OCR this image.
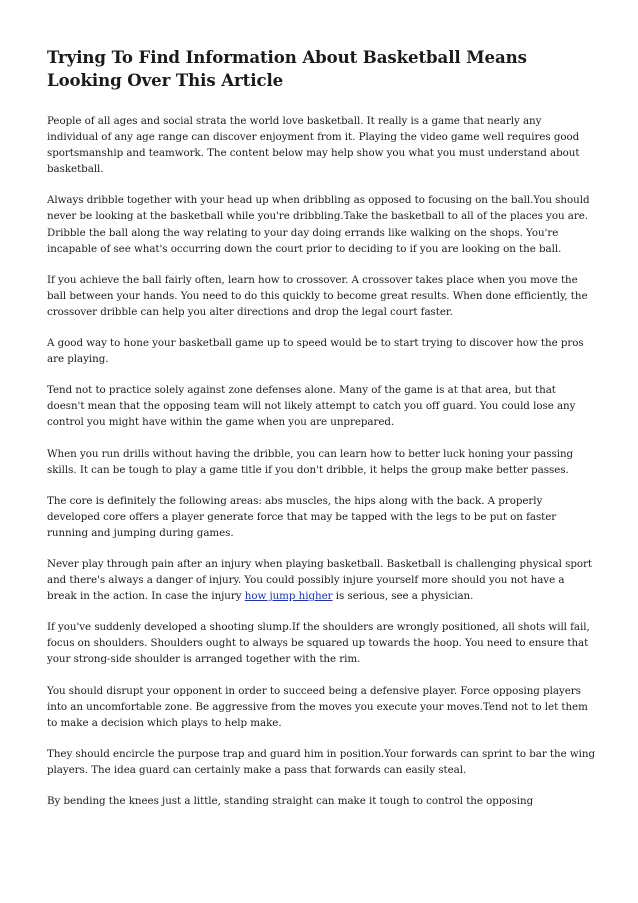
Trying To Find Information About Basketball Means Looking Over This Article

People of all ages and social strata the world love basketball. It really is a game that nearly any individual of any age range can discover enjoyment from it. Playing the video game well requires good sportsmanship and teamwork. The content below may help show you what you must understand about basketball.

Always dribble together with your head up when dribbling as opposed to focusing on the ball.You should never be looking at the basketball while you're dribbling.Take the basketball to all of the places you are. Dribble the ball along the way relating to your day doing errands like walking on the shops. You're incapable of see what's occurring down the court prior to deciding to if you are looking on the ball.

If you achieve the ball fairly often, learn how to crossover. A crossover takes place when you move the ball between your hands. You need to do this quickly to become great results. When done efficiently, the crossover dribble can help you alter directions and drop the legal court faster.

A good way to hone your basketball game up to speed would be to start trying to discover how the pros are playing.

Tend not to practice solely against zone defenses alone. Many of the game is at that area, but that doesn't mean that the opposing team will not likely attempt to catch you off guard. You could lose any control you might have within the game when you are unprepared.

When you run drills without having the dribble, you can learn how to better luck honing your passing skills. It can be tough to play a game title if you don't dribble, it helps the group make better passes.

The core is definitely the following areas: abs muscles, the hips along with the back. A properly developed core offers a player generate force that may be tapped with the legs to be put on faster running and jumping during games.

Never play through pain after an injury when playing basketball. Basketball is challenging physical sport and there's always a danger of injury. You could possibly injure yourself more should you not have a break in the action. In case the injury how jump higher is serious, see a physician.

If you've suddenly developed a shooting slump.If the shoulders are wrongly positioned, all shots will fail, focus on shoulders. Shoulders ought to always be squared up towards the hoop. You need to ensure that your strong-side shoulder is arranged together with the rim.

You should disrupt your opponent in order to succeed being a defensive player. Force opposing players into an uncomfortable zone. Be aggressive from the moves you execute your moves.Tend not to let them to make a decision which plays to help make.

They should encircle the purpose trap and guard him in position.Your forwards can sprint to bar the wing players. The idea guard can certainly make a pass that forwards can easily steal.

By bending the knees just a little, standing straight can make it tough to control the opposing
